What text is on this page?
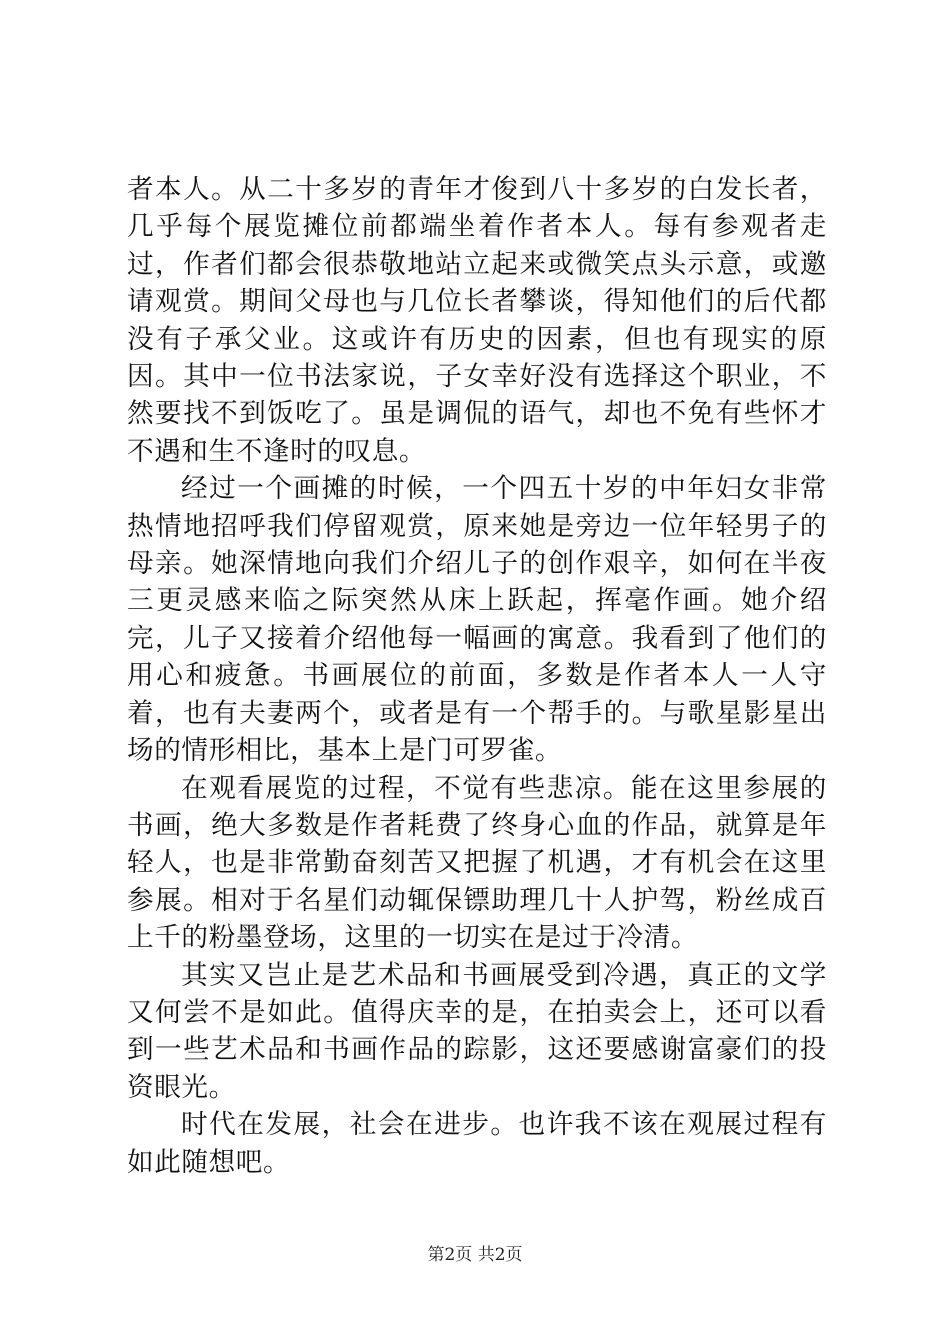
者本人。从二十多岁的青年才俊到八十多岁的白发长者，几乎每个展览摊位前都端坐着作者本人。每有参观者走过，作者们都会很恭敬地站立起来或微笑点头示意，或邀请观赏。期间父母也与几位长者攀谈，得知他们的后代都没有子承父业。这或许有历史的因素，但也有现实的原因。其中一位书法家说，子女幸好没有选择这个职业，不然要找不到饭吃了。虽是调侃的语气，却也不免有些怀才不遇和生不逢时的叹息。

经过一个画摊的时候，一个四五十岁的中年妇女非常热情地招呼我们停留观赏，原来她是旁边一位年轻男子的母亲。她深情地向我们介绍儿子的创作艰辛，如何在半夜三更灵感来临之际突然从床上跃起，挥毫作画。她介绍完，儿子又接着介绍他每一幅画的寓意。我看到了他们的用心和疲惫。书画展位的前面，多数是作者本人一人守着，也有夫妻两个，或者是有一个帮手的。与歌星影星出场的情形相比，基本上是门可罗雀。

在观看展览的过程，不觉有些悲凉。能在这里参展的书画，绝大多数是作者耗费了终身心血的作品，就算是年轻人，也是非常勤奋刻苦又把握了机遇，才有机会在这里参展。相对于名星们动辄保镖助理几十人护驾，粉丝成百上千的粉墨登场，这里的一切实在是过于冷清。

其实又岂止是艺术品和书画展受到冷遇，真正的文学又何尝不是如此。值得庆幸的是，在拍卖会上，还可以看到一些艺术品和书画作品的踪影，这还要感谢富豪们的投资眼光。

时代在发展，社会在进步。也许我不该在观展过程有如此随想吧。

第2页 共2页
